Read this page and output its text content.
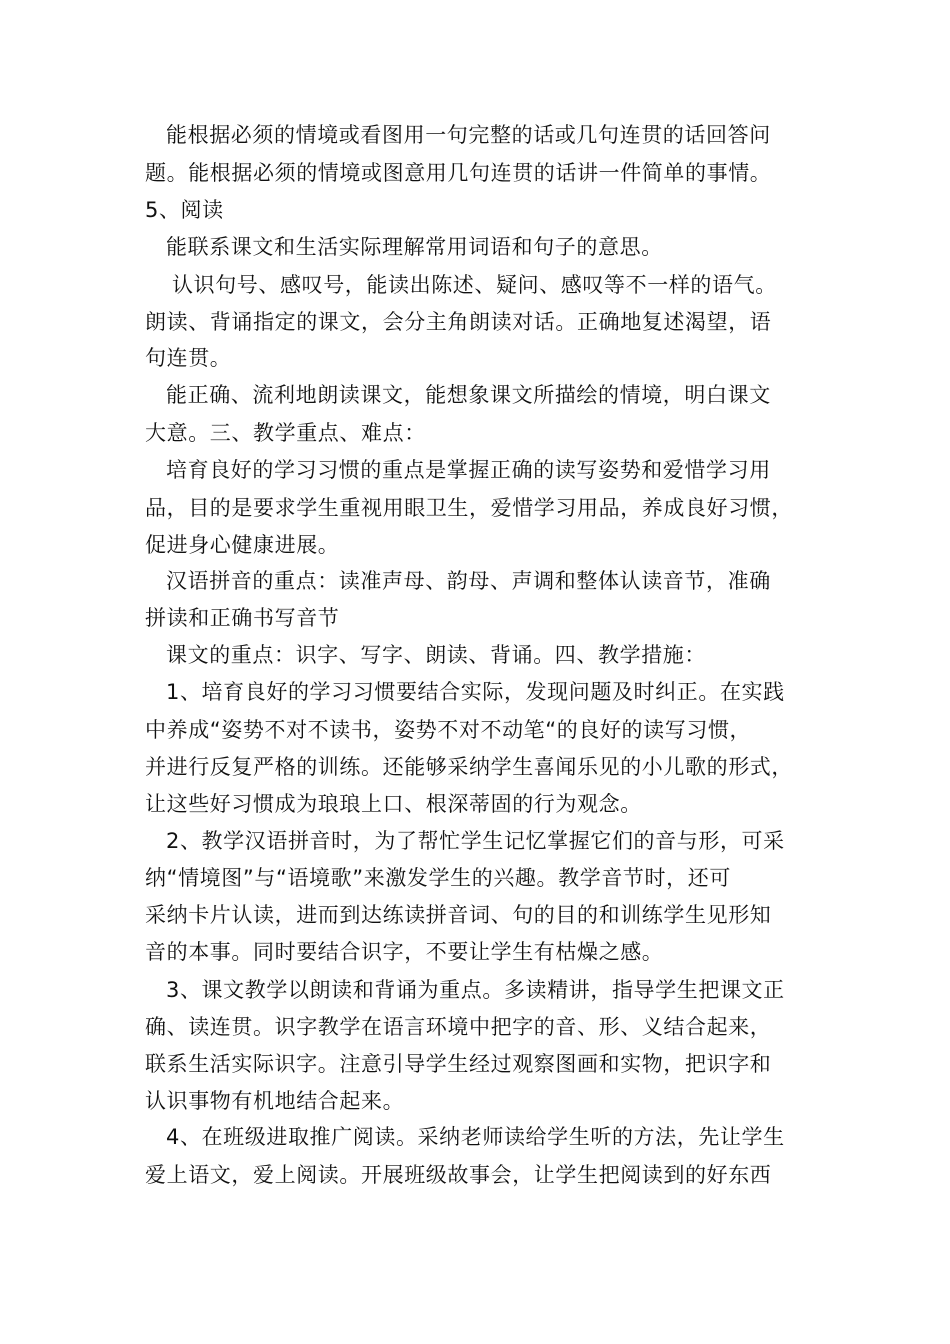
能根据必须的情境或看图用一句完整的话或几句连贯的话回答问
题。能根据必须的情境或图意用几句连贯的话讲一件简单的事情。
5、阅读
能联系课文和生活实际理解常用词语和句子的意思。
认识句号、感叹号，能读出陈述、疑问、感叹等不一样的语气。
朗读、背诵指定的课文，会分主角朗读对话。正确地复述渴望，语
句连贯。
能正确、流利地朗读课文，能想象课文所描绘的情境，明白课文
大意。三、教学重点、难点：
培育良好的学习习惯的重点是掌握正确的读写姿势和爱惜学习用
品，目的是要求学生重视用眼卫生，爱惜学习用品，养成良好习惯，
促进身心健康进展。
汉语拼音的重点：读准声母、韵母、声调和整体认读音节，准确
拼读和正确书写音节
课文的重点：识字、写字、朗读、背诵。四、教学措施：
1、培育良好的学习习惯要结合实际，发现问题及时纠正。在实践
中养成“姿势不对不读书，姿势不对不动笔“的良好的读写习惯，
并进行反复严格的训练。还能够采纳学生喜闻乐见的小儿歌的形式，
让这些好习惯成为琅琅上口、根深蒂固的行为观念。
2、教学汉语拼音时，为了帮忙学生记忆掌握它们的音与形，可采
纳“情境图”与“语境歌”来激发学生的兴趣。教学音节时，还可
采纳卡片认读，进而到达练读拼音词、句的目的和训练学生见形知
音的本事。同时要结合识字，不要让学生有枯燥之感。
3、课文教学以朗读和背诵为重点。多读精讲，指导学生把课文正
确、读连贯。识字教学在语言环境中把字的音、形、义结合起来，
联系生活实际识字。注意引导学生经过观察图画和实物，把识字和
认识事物有机地结合起来。
4、在班级进取推广阅读。采纳老师读给学生听的方法，先让学生
爱上语文，爱上阅读。开展班级故事会，让学生把阅读到的好东西
